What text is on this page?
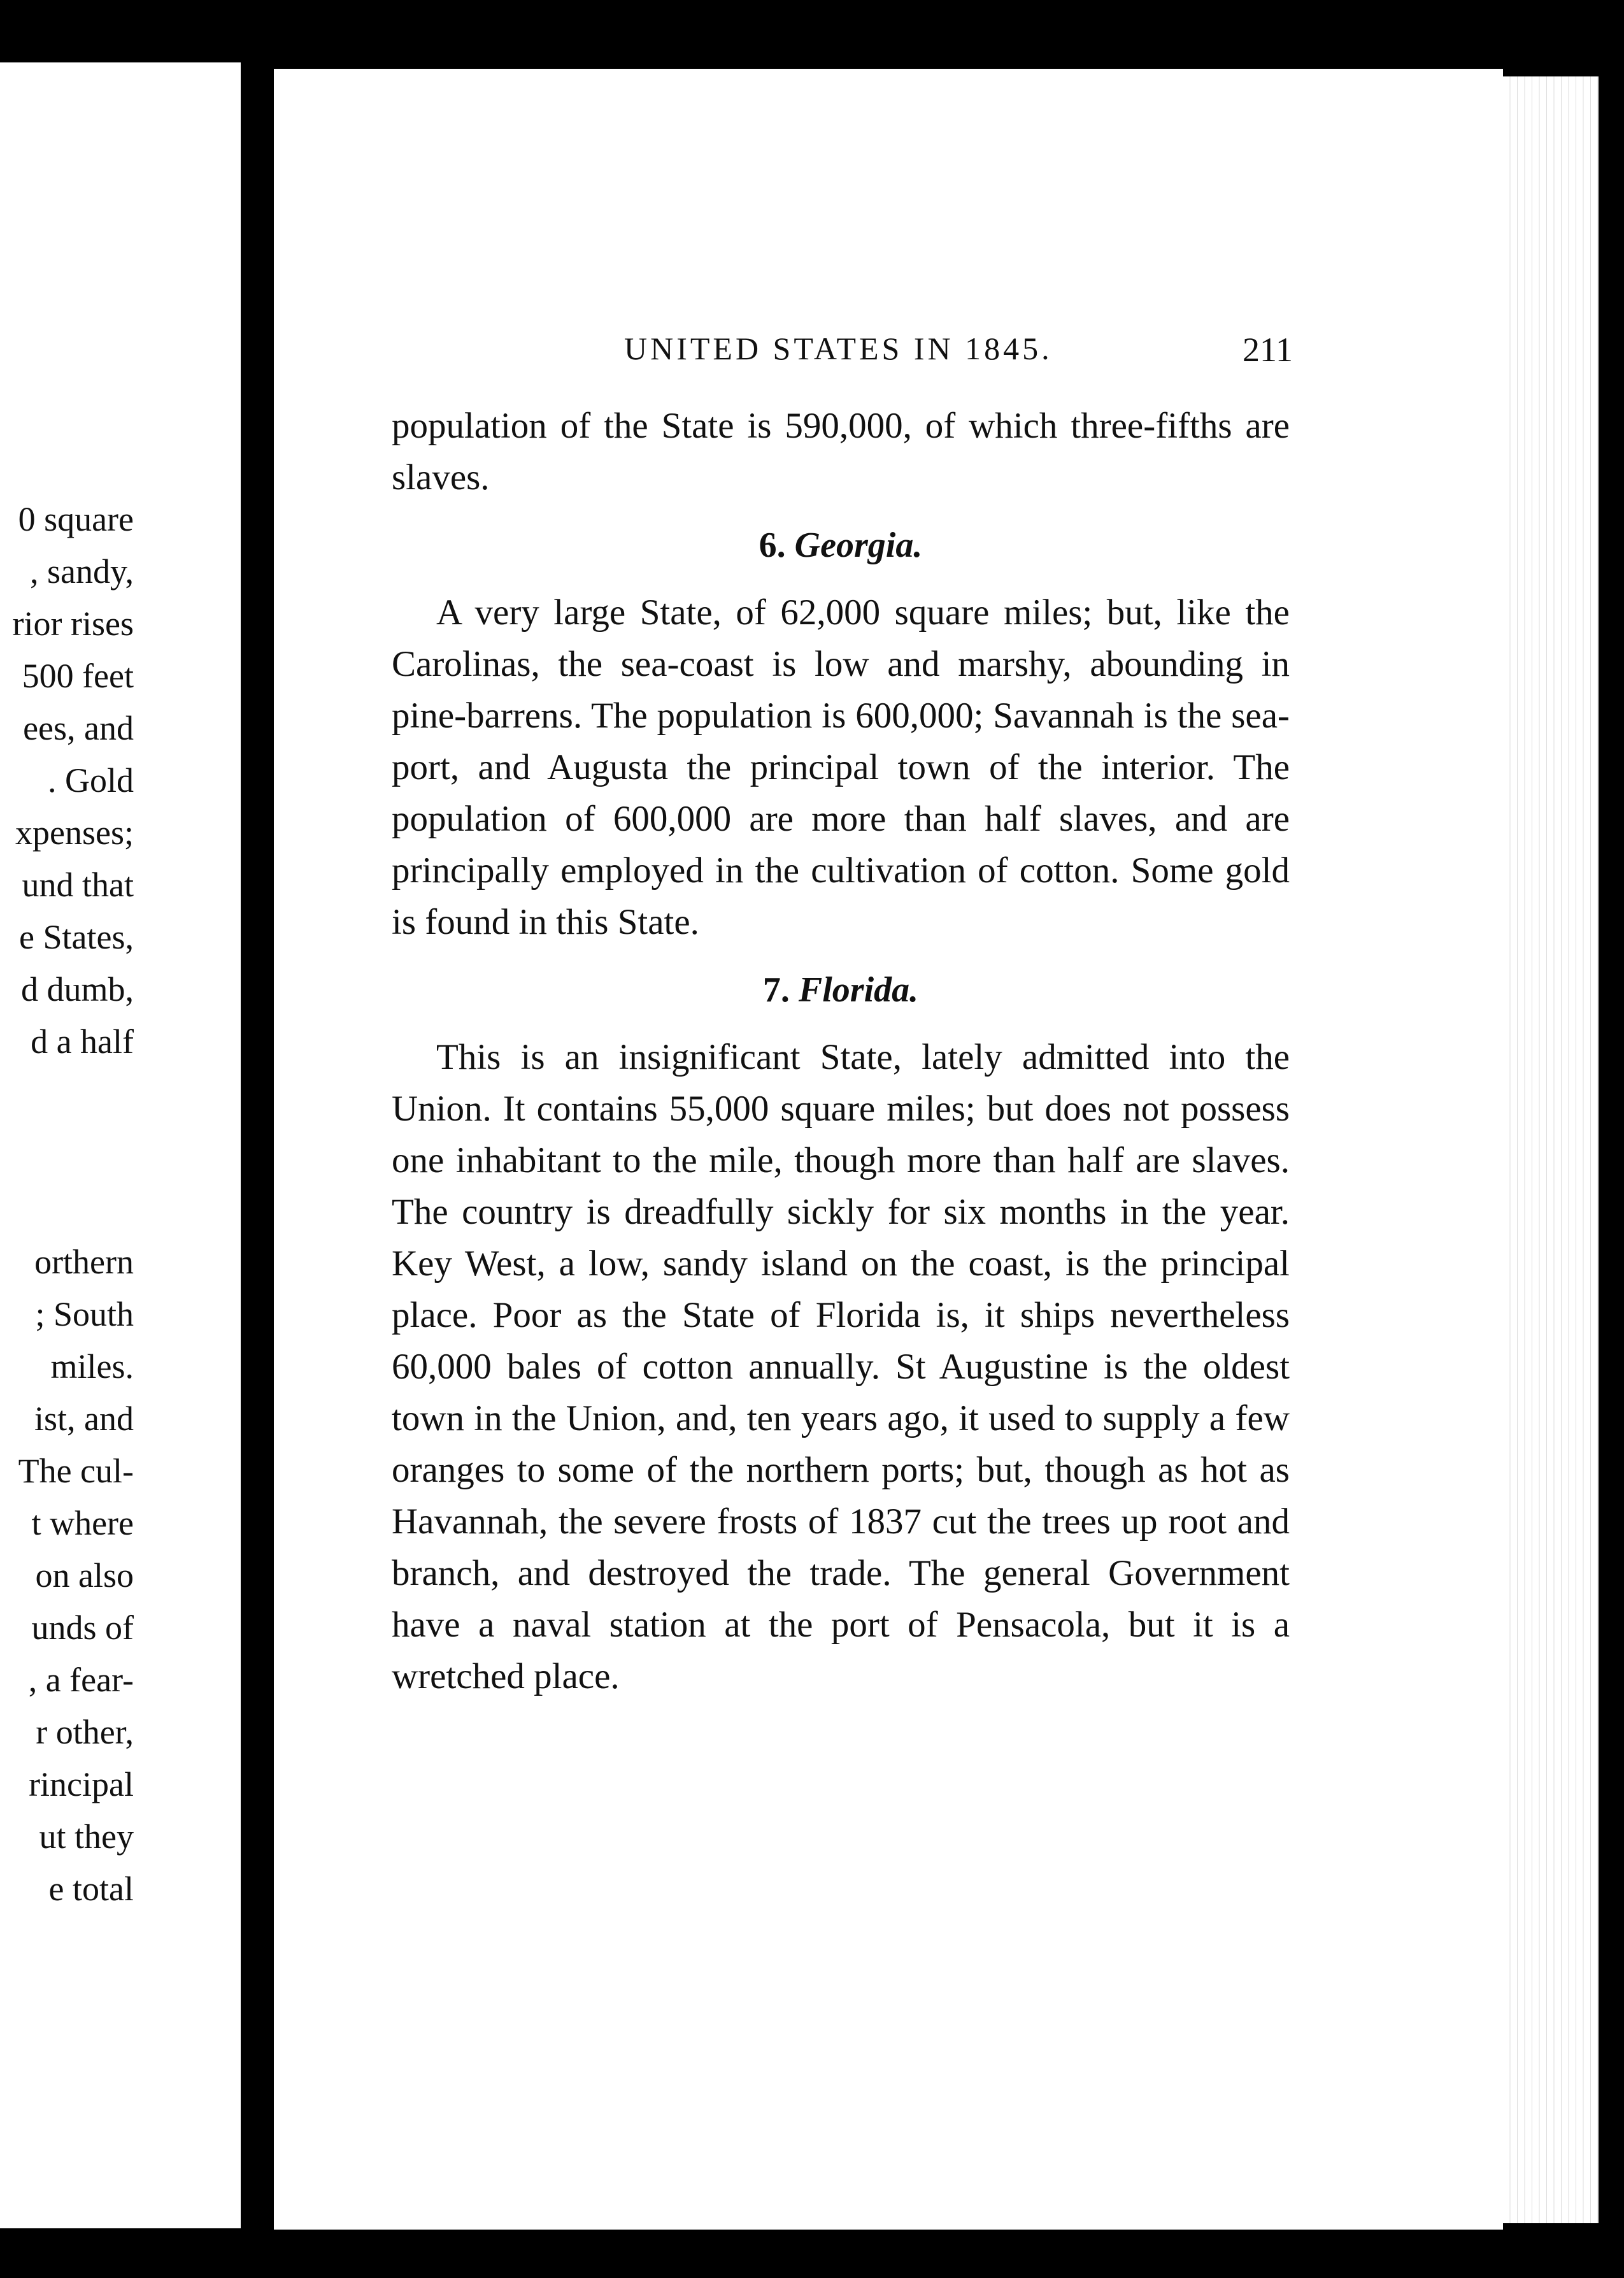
0 square
, sandy,
rior rises
500 feet
ees, and
. Gold
xpenses;
und that
e States,
d dumb,
d a half
orthern
; South
miles.
ist, and
The cul-
t where
on also
unds of
, a fear-
r other,
rincipal
ut they
e total
UNITED STATES IN 1845.	211

population of the State is 590,000, of which three-fifths are slaves.

6. Georgia.

A very large State, of 62,000 square miles; but, like the Carolinas, the sea-coast is low and marshy, abounding in pine-barrens. The population is 600,000; Savannah is the sea-port, and Augusta the principal town of the interior. The population of 600,000 are more than half slaves, and are principally employed in the cultivation of cotton. Some gold is found in this State.

7. Florida.

This is an insignificant State, lately admitted into the Union. It contains 55,000 square miles; but does not possess one inhabitant to the mile, though more than half are slaves. The country is dreadfully sickly for six months in the year. Key West, a low, sandy island on the coast, is the principal place. Poor as the State of Florida is, it ships nevertheless 60,000 bales of cotton annually. St Augustine is the oldest town in the Union, and, ten years ago, it used to supply a few oranges to some of the northern ports; but, though as hot as Havannah, the severe frosts of 1837 cut the trees up root and branch, and destroyed the trade. The general Government have a naval station at the port of Pensacola, but it is a wretched place.
